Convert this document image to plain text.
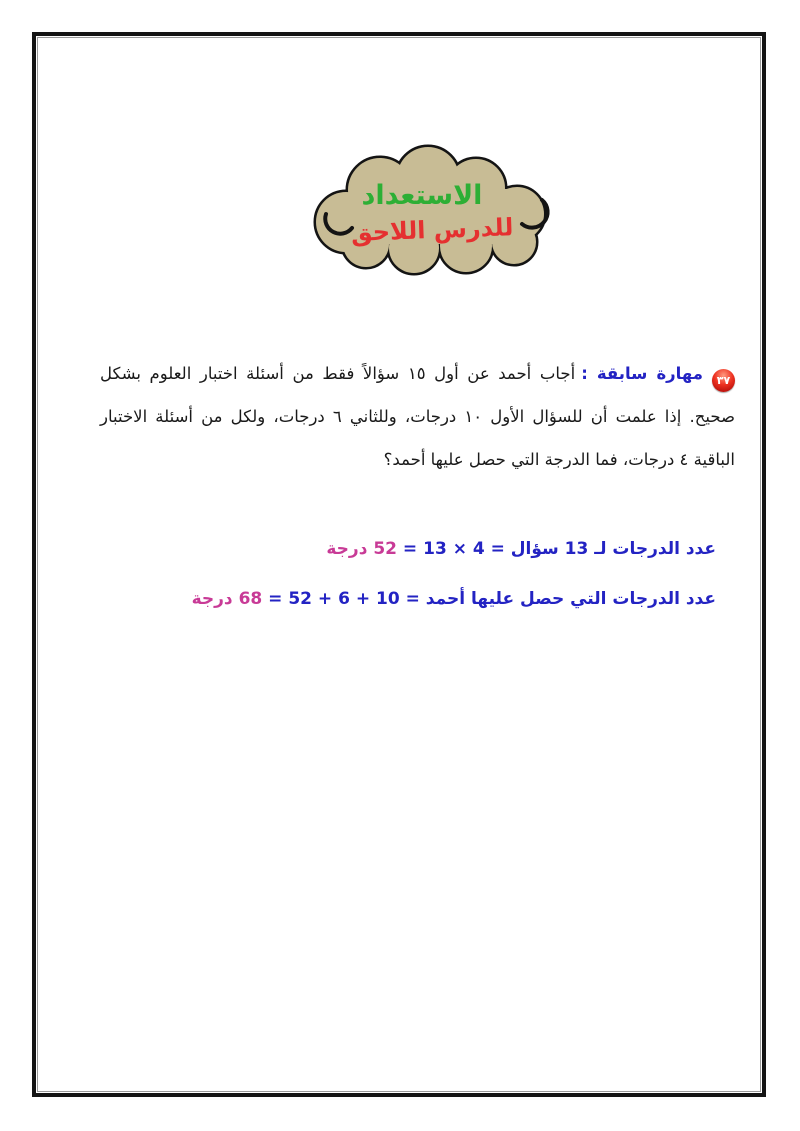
الاستعداد
للدرس اللاحق
٣٧
مهارة سابقة :أجاب أحمد عن أول ١٥ سؤالاً فقط من أسئلة اختبار العلوم بشكل صحيح. إذا علمت أن للسؤال الأول ١٠ درجات، وللثاني ٦ درجات، ولكل من أسئلة الاختبار الباقية ٤ درجات، فما الدرجة التي حصل عليها أحمد؟
عدد الدرجات لـ 13 سؤال = 4 × 13 = 52 درجة
عدد الدرجات التي حصل عليها أحمد = 10 + 6 + 52 = 68 درجة
